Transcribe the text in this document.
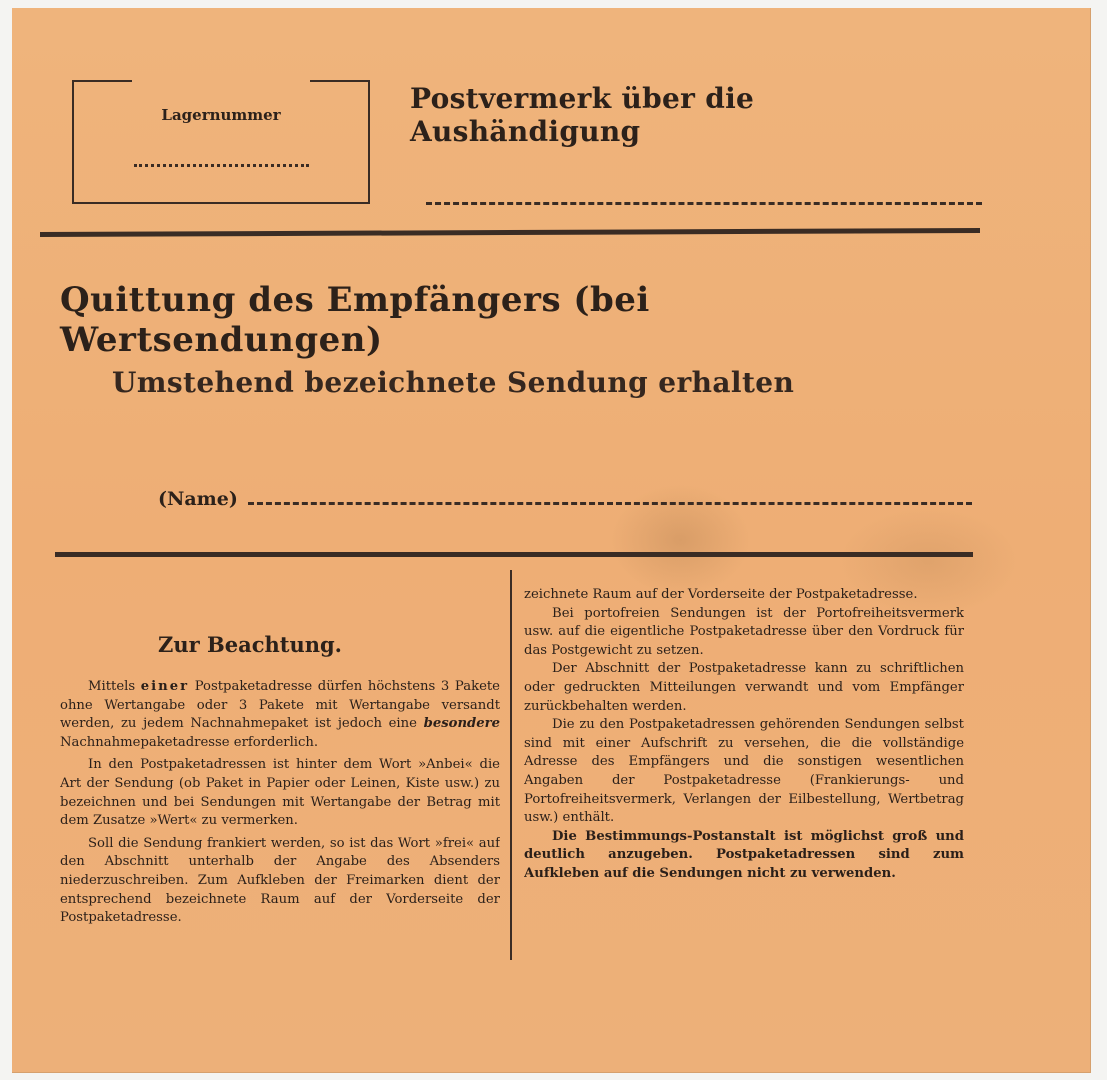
Lagernummer	Postvermerk über die Aushändigung
Quittung des Empfängers (bei Wertsendungen)
Umstehend bezeichnete Sendung erhalten
(Name)
Zur Beachtung.

Mittels einer Postpaketadresse dürfen höchstens 3 Pakete ohne Wertangabe oder 3 Pakete mit Wertangabe versandt werden, zu jedem Nachnahmepaket ist jedoch eine besondere Nachnahmepaketadresse erforderlich.

In den Postpaketadressen ist hinter dem Wort »Anbei« die Art der Sendung (ob Paket in Papier oder Leinen, Kiste usw.) zu bezeichnen und bei Sendungen mit Wertangabe der Betrag mit dem Zusatze »Wert« zu vermerken.

Soll die Sendung frankiert werden, so ist das Wort »frei« auf den Abschnitt unterhalb der Angabe des Absenders niederzuschreiben. Zum Aufkleben der Freimarken dient der entsprechend bezeichnete Raum auf der Vorderseite der Postpaketadresse.

zeichnete Raum auf der Vorderseite der Postpaketadresse.

Bei portofreien Sendungen ist der Portofreiheitsvermerk usw. auf die eigentliche Postpaketadresse über den Vordruck für das Postgewicht zu setzen.

Der Abschnitt der Postpaketadresse kann zu schriftlichen oder gedruckten Mitteilungen verwandt und vom Empfänger zurückbehalten werden.

Die zu den Postpaketadressen gehörenden Sendungen selbst sind mit einer Aufschrift zu versehen, die die vollständige Adresse des Empfängers und die sonstigen wesentlichen Angaben der Postpaketadresse (Frankierungs- und Portofreiheitsvermerk, Verlangen der Eilbestellung, Wertbetrag usw.) enthält.

Die Bestimmungs-Postanstalt ist möglichst groß und deutlich anzugeben. Postpaketadressen sind zum Aufkleben auf die Sendungen nicht zu verwenden.
